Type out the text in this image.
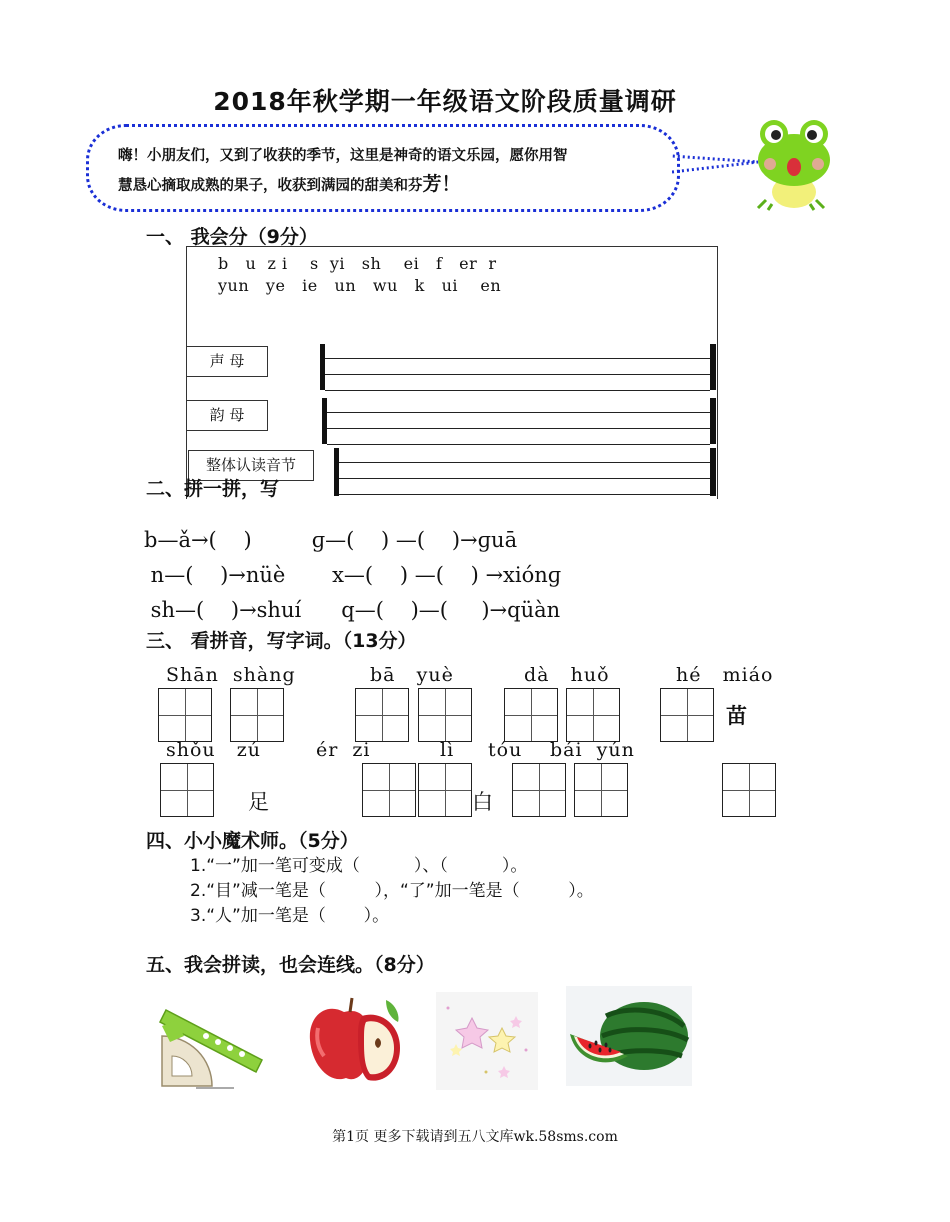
2018年秋学期一年级语文阶段质量调研
嗨！小朋友们，又到了收获的季节，这里是神奇的语文乐园，愿你用智
慧恳心摘取成熟的果子，收获到满园的甜美和芬芳！
一、 我会分（9分）
b   u  z i    s  yi   sh    ei   f   er  r
yun   ye   ie   un   wu   k   ui    en
声 母
韵 母
整体认读音节
二、拼一拼，写
b—ǎ→(    )         ɡ—(    ) —(    )→ɡuā
n—(    )→nüè       x—(    ) —(    ) →xiónɡ
sh—(    )→shuí      q—(    )—(     )→qüàn
三、 看拼音，写字词。（13分）
Shān  shàng	bā   yuè	dà   huǒ	hé   miáo
苗
shǒu   zú	ér  zi	lì tóu bái  yún
足	白
四、小小魔术师。（5分）
1.“一”加一笔可变成（          ）、（          ）。
2.“目”减一笔是（         ），“了”加一笔是（         ）。
3.“人”加一笔是（       ）。
五、我会拼读，也会连线。（8分）
第1页 更多下载请到五八文库wk.58sms.com
